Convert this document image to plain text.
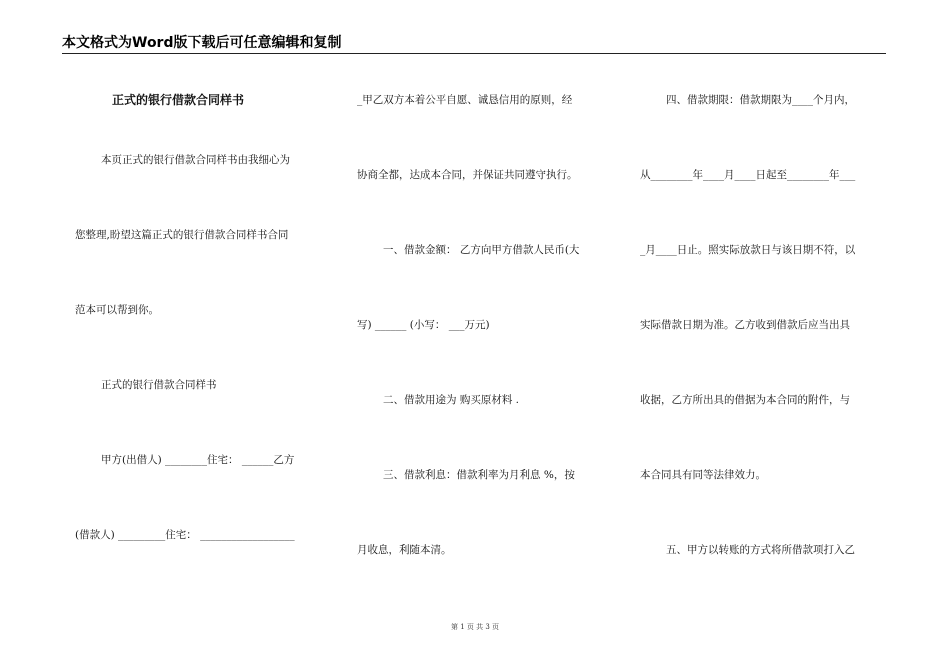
本文格式为Word版下载后可任意编辑和复制
正式的银行借款合同样书
本页正式的银行借款合同样书由我细心为
您整理,盼望这篇正式的银行借款合同样书合同
范本可以帮到你。
正式的银行借款合同样书
甲方(出借人) ________住宅： ______乙方
(借款人) _________住宅： __________________
_甲乙双方本着公平自愿、诚恳信用的原则，经
协商全都，达成本合同，并保证共同遵守执行。
一、借款金额： 乙方向甲方借款人民币(大
写) ______ (小写： ___万元)
二、借款用途为 购买原材料 .
三、借款利息：借款利率为月利息 %，按
月收息，利随本清。
四、借款期限：借款期限为____个月内，
从________年____月____日起至________年___
_月____日止。照实际放款日与该日期不符，以
实际借款日期为准。乙方收到借款后应当出具
收据，乙方所出具的借据为本合同的附件，与
本合同具有同等法律效力。
五、甲方以转账的方式将所借款项打入乙
第 1 页 共 3 页
